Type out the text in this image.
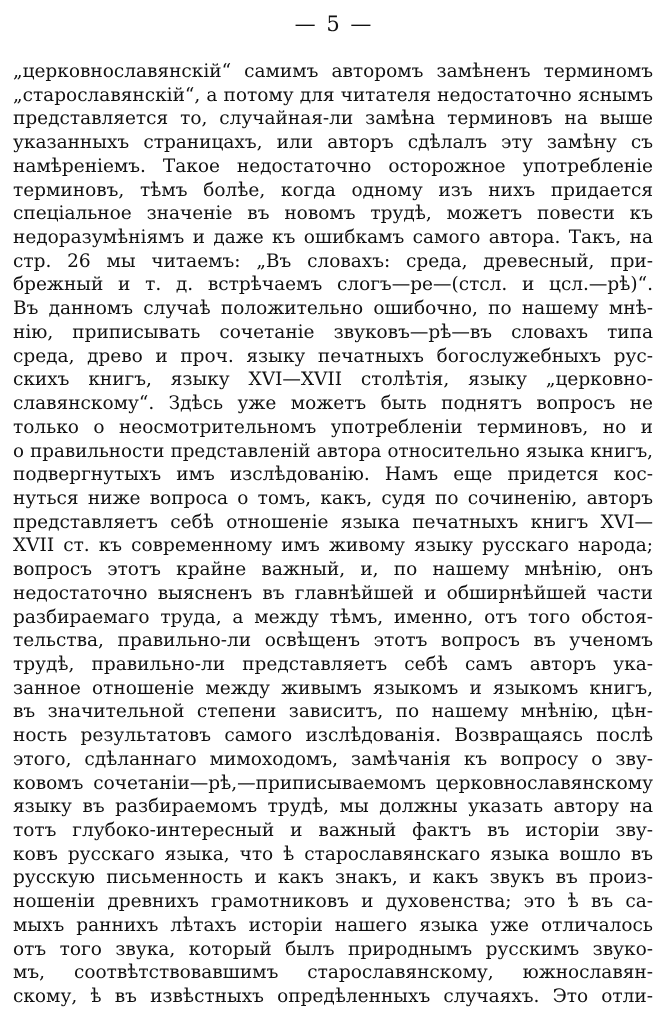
— 5 —
„церковнославянскій“ самимъ авторомъ замѣненъ терминомъ
„старославянскій“, а потому для читателя недостаточно яснымъ
представляется то, случайная-ли замѣна терминовъ на выше
указанныхъ страницахъ, или авторъ сдѣлалъ эту замѣну съ
намѣреніемъ. Такое недостаточно осторожное употребленіе
терминовъ, тѣмъ болѣе, когда одному изъ нихъ придается
спеціальное значеніе въ новомъ трудѣ, можетъ повести къ
недоразумѣніямъ и даже къ ошибкамъ самого автора. Такъ, на
стр. 26 мы читаемъ: „Въ словахъ: среда, древесный, при-
брежный и т. д. встрѣчаемъ слогъ—ре—(стсл. и цсл.—рѣ)“.
Въ данномъ случаѣ положительно ошибочно, по нашему мнѣ-
нію, приписывать сочетаніе звуковъ—рѣ—въ словахъ типа
среда, древо и проч. языку печатныхъ богослужебныхъ рус-
скихъ книгъ, языку XVI—XVII столѣтія, языку „церковно-
славянскому“. Здѣсь уже можетъ быть поднятъ вопросъ не
только о неосмотрительномъ употребленіи терминовъ, но и
о правильности представленій автора относительно языка книгъ,
подвергнутыхъ имъ изслѣдованію. Намъ еще придется кос-
нуться ниже вопроса о томъ, какъ, судя по сочиненію, авторъ
представляетъ себѣ отношеніе языка печатныхъ книгъ XVI—
XVII ст. къ современному имъ живому языку русскаго народа;
вопросъ этотъ крайне важный, и, по нашему мнѣнію, онъ
недостаточно выясненъ въ главнѣйшей и обширнѣйшей части
разбираемаго труда, а между тѣмъ, именно, отъ того обстоя-
тельства, правильно-ли освѣщенъ этотъ вопросъ въ ученомъ
трудѣ, правильно-ли представляетъ себѣ самъ авторъ ука-
занное отношеніе между живымъ языкомъ и языкомъ книгъ,
въ значительной степени зависитъ, по нашему мнѣнію, цѣн-
ность результатовъ самого изслѣдованія. Возвращаясь послѣ
этого, сдѣланнаго мимоходомъ, замѣчанія къ вопросу о зву-
ковомъ сочетаніи—рѣ,—приписываемомъ церковнославянскому
языку въ разбираемомъ трудѣ, мы должны указать автору на
тотъ глубоко-интересный и важный фактъ въ исторіи зву-
ковъ русскаго языка, что ѣ старославянскаго языка вошло въ
русскую письменность и какъ знакъ, и какъ звукъ въ произ-
ношеніи древнихъ грамотниковъ и духовенства; это ѣ въ са-
мыхъ раннихъ лѣтахъ исторіи нашего языка уже отличалось
отъ того звука, который былъ природнымъ русскимъ звуко-
мъ, соотвѣтствовавшимъ старославянскому, южнославян-
скому, ѣ въ извѣстныхъ опредѣленныхъ случаяхъ. Это отли-
